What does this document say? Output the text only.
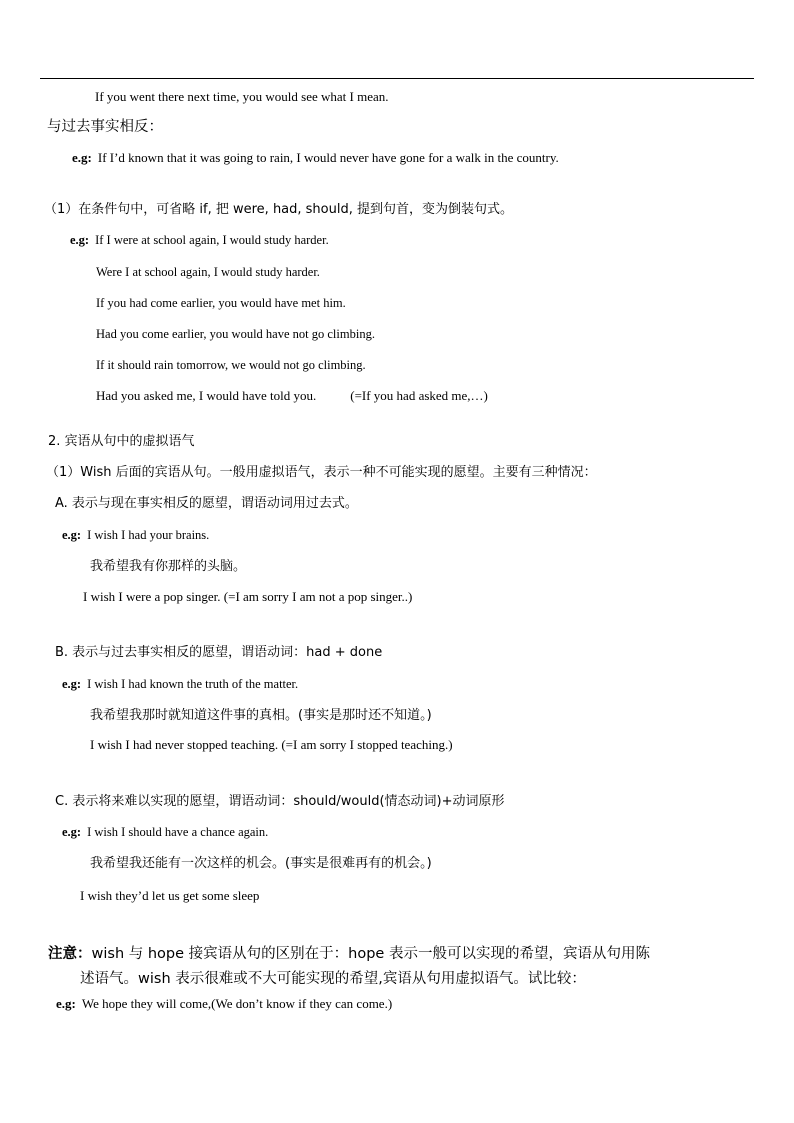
If you went there next time, you would see what I mean.
与过去事实相反：
e.g: If I’d known that it was going to rain, I would never have gone for a walk in the country.
（1）在条件句中，可省略 if, 把 were, had, should, 提到句首，变为倒装句式。
e.g: If I were at school again, I would study harder.
Were I at school again, I would study harder.
If you had come earlier, you would have met him.
Had you come earlier, you would have not go climbing.
If it should rain tomorrow, we would not go climbing.
Had you asked me, I would have told you.	(=If you had asked me,…)
2. 宾语从句中的虚拟语气
（1）Wish 后面的宾语从句。一般用虚拟语气，表示一种不可能实现的愿望。主要有三种情况：
A. 表示与现在事实相反的愿望，谓语动词用过去式。
e.g: I wish I had your brains.
我希望我有你那样的头脑。
I wish I were a pop singer. (=I am sorry I am not a pop singer..)
B. 表示与过去事实相反的愿望，谓语动词：had + done
e.g: I wish I had known the truth of the matter.
我希望我那时就知道这件事的真相。(事实是那时还不知道。)
I wish I had never stopped teaching. (=I am sorry I stopped teaching.)
C. 表示将来难以实现的愿望，谓语动词：should/would(情态动词)+动词原形
e.g: I wish I should have a chance again.
我希望我还能有一次这样的机会。(事实是很难再有的机会。)
I wish they’d let us get some sleep
注意：wish 与 hope 接宾语从句的区别在于：hope 表示一般可以实现的希望，宾语从句用陈
述语气。wish 表示很难或不大可能实现的希望,宾语从句用虚拟语气。试比较：
e.g: We hope they will come,(We don’t know if they can come.)
